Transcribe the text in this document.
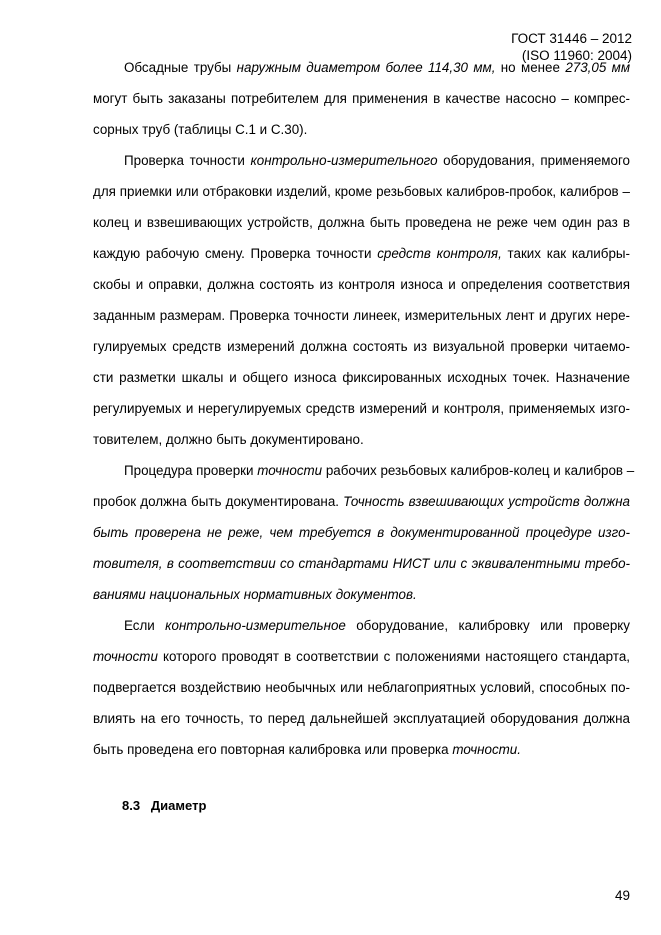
ГОСТ 31446 – 2012
(ISO 11960: 2004)
Обсадные трубы наружным диаметром более 114,30 мм, но менее 273,05 мм
могут быть заказаны потребителем для применения в качестве насосно – компрес-
сорных труб (таблицы С.1 и С.30).
Проверка точности контрольно-измерительного оборудования, применяемого
для приемки или отбраковки изделий, кроме резьбовых калибров-пробок, калибров –
колец и взвешивающих устройств, должна быть проведена не реже чем один раз в
каждую рабочую смену. Проверка точности средств контроля, таких как калибры-
скобы и оправки, должна состоять из контроля износа и определения соответствия
заданным размерам. Проверка точности линеек, измерительных лент и других нере-
гулируемых средств измерений должна состоять из визуальной проверки читаемо-
сти разметки шкалы и общего износа фиксированных исходных точек. Назначение
регулируемых и нерегулируемых средств измерений и контроля, применяемых изго-
товителем, должно быть документировано.
Процедура проверки точности рабочих резьбовых калибров-колец и калибров –
пробок должна быть документирована. Точность взвешивающих устройств должна
быть проверена не реже, чем требуется в документированной процедуре изго-
товителя, в соответствии со стандартами НИСТ или с эквивалентными требо-
ваниями национальных нормативных документов.
Если контрольно-измерительное оборудование, калибровку или проверку
точности которого проводят в соответствии с положениями настоящего стандарта,
подвергается воздействию необычных или неблагоприятных условий, способных по-
влиять на его точность, то перед дальнейшей эксплуатацией оборудования должна
быть проведена его повторная калибровка или проверка точности.
8.3 Диаметр
49
